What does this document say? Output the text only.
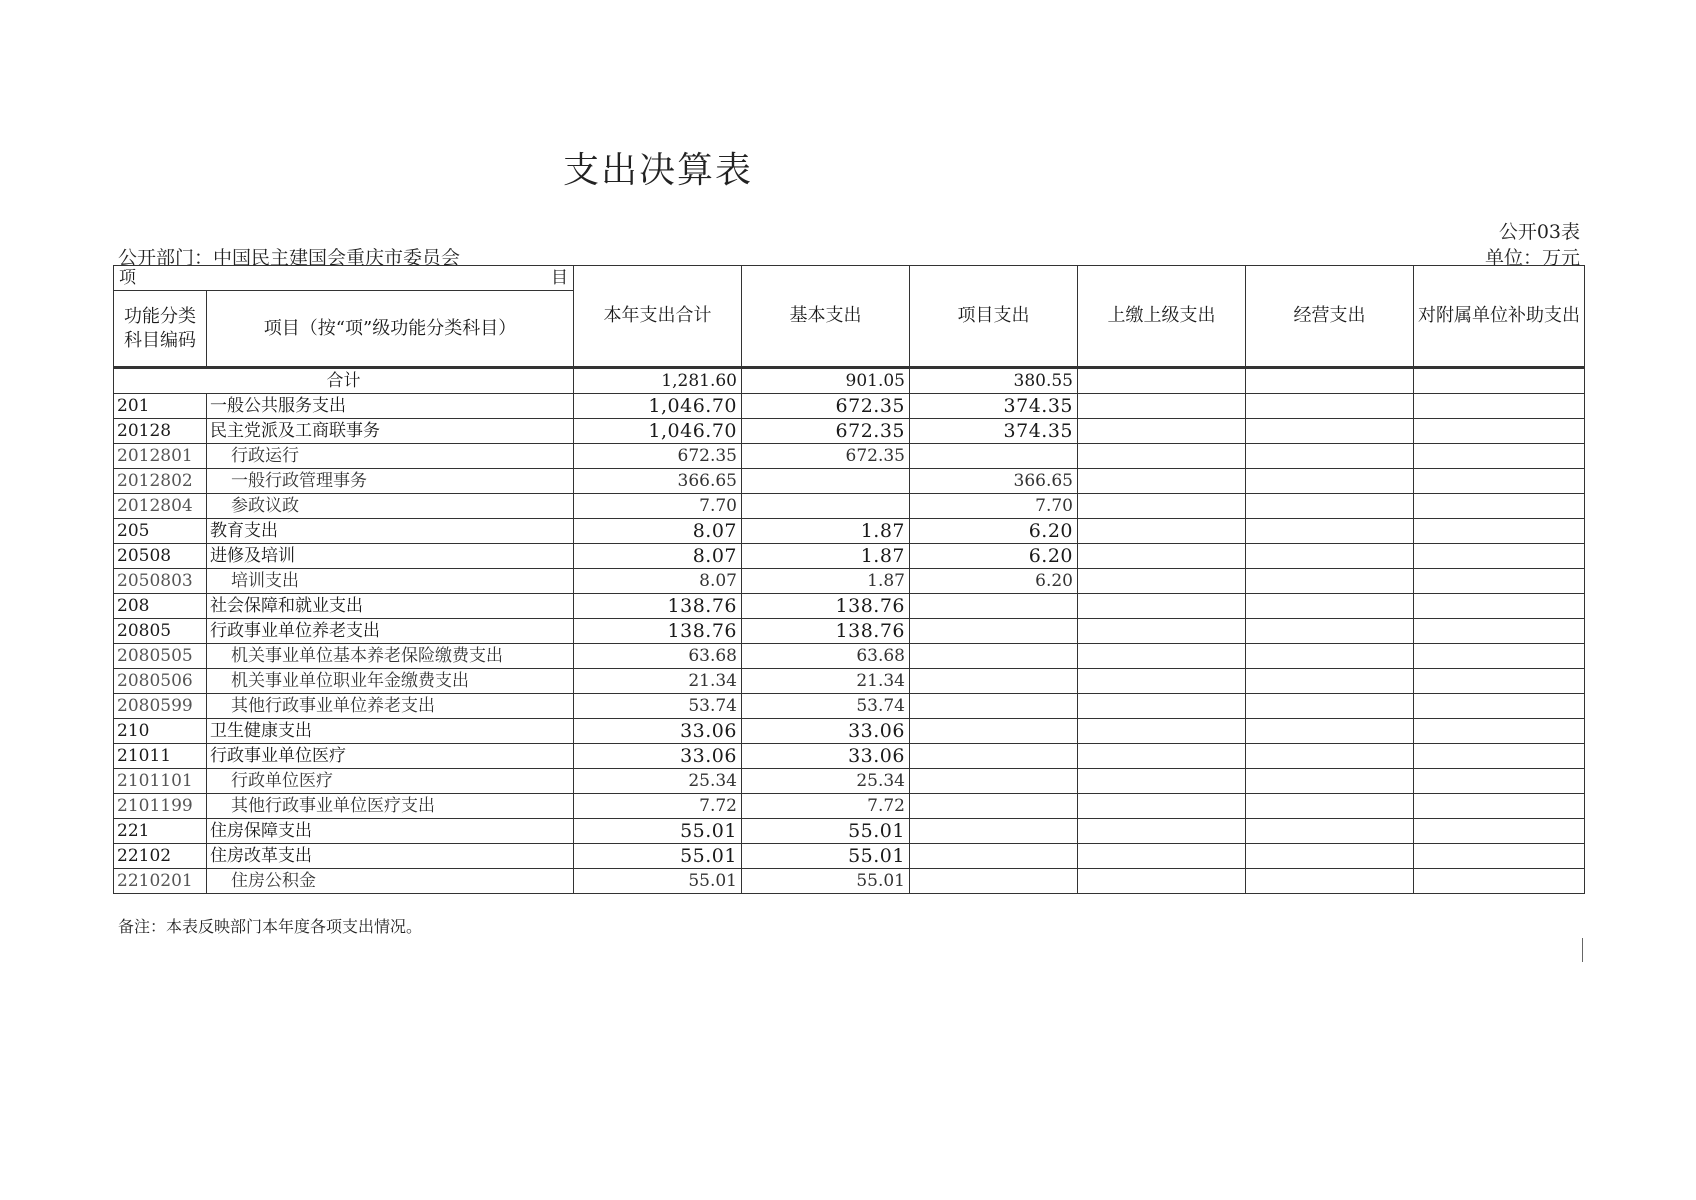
支出决算表
公开03表
公开部门：中国民主建国会重庆市委员会	单位：万元
项 目		本年支出合计	基本支出	项目支出	上缴上级支出	经营支出	对附属单位补助支出
功能分类科目编码	项目（按“项”级功能分类科目）						
合计		1,281.60	901.05	380.55			
201	一般公共服务支出	1,046.70	672.35	374.35			
20128	民主党派及工商联事务	1,046.70	672.35	374.35			
2012801	行政运行	672.35	672.35				
2012802	一般行政管理事务	366.65		366.65			
2012804	参政议政	7.70		7.70			
205	教育支出	8.07	1.87	6.20			
20508	进修及培训	8.07	1.87	6.20			
2050803	培训支出	8.07	1.87	6.20			
208	社会保障和就业支出	138.76	138.76				
20805	行政事业单位养老支出	138.76	138.76				
2080505	机关事业单位基本养老保险缴费支出	63.68	63.68				
2080506	机关事业单位职业年金缴费支出	21.34	21.34				
2080599	其他行政事业单位养老支出	53.74	53.74				
210	卫生健康支出	33.06	33.06				
21011	行政事业单位医疗	33.06	33.06				
2101101	行政单位医疗	25.34	25.34				
2101199	其他行政事业单位医疗支出	7.72	7.72				
221	住房保障支出	55.01	55.01				
22102	住房改革支出	55.01	55.01				
2210201	住房公积金	55.01	55.01				
备注：本表反映部门本年度各项支出情况。
